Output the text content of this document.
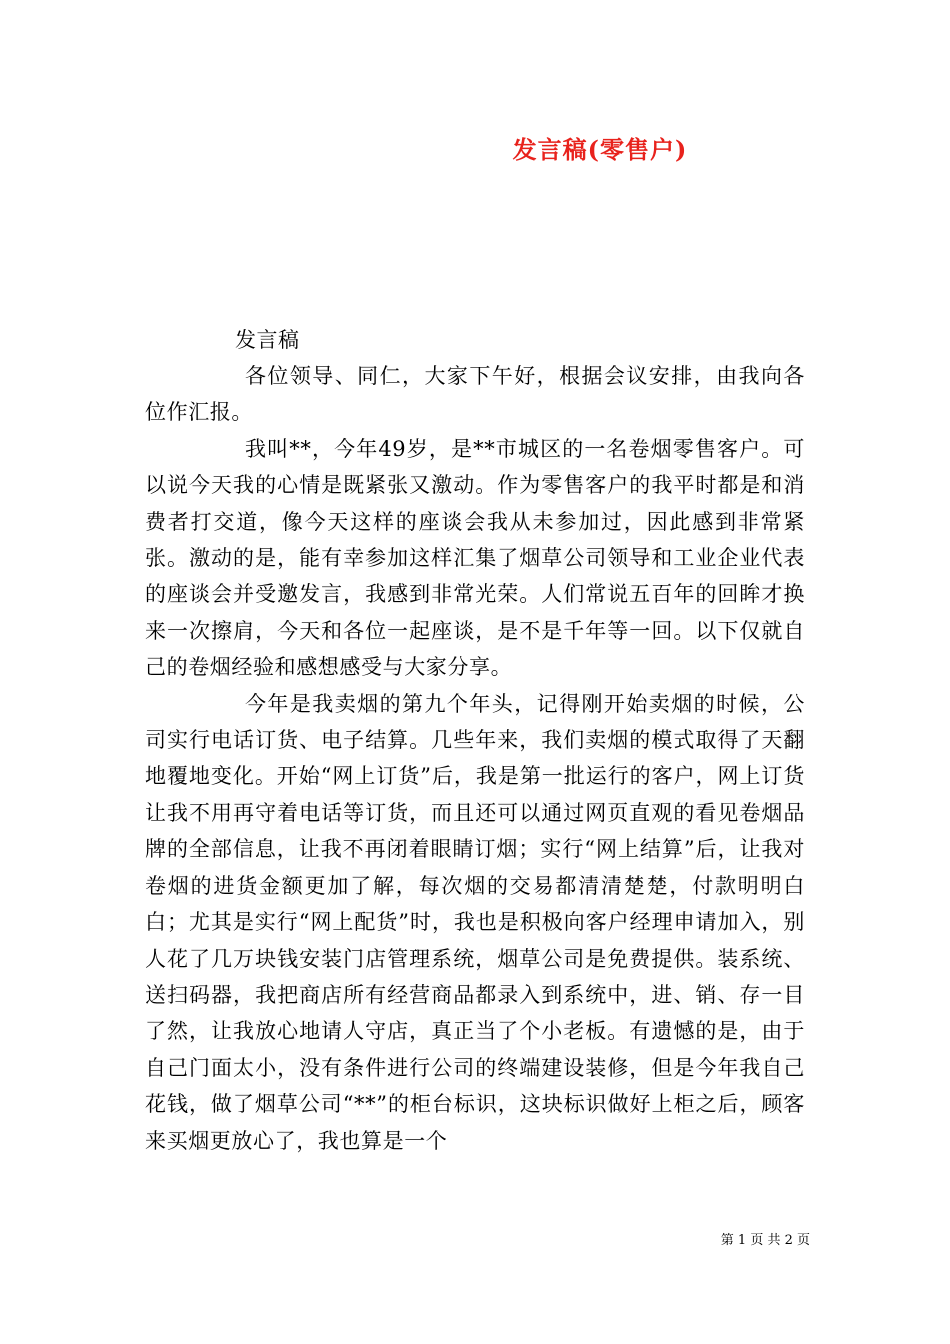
发言稿(零售户)
发言稿

各位领导、同仁，大家下午好，根据会议安排，由我向各位作汇报。

我叫**，今年49岁，是**市城区的一名卷烟零售客户。可以说今天我的心情是既紧张又激动。作为零售客户的我平时都是和消费者打交道，像今天这样的座谈会我从未参加过，因此感到非常紧张。激动的是，能有幸参加这样汇集了烟草公司领导和工业企业代表的座谈会并受邀发言，我感到非常光荣。人们常说五百年的回眸才换来一次擦肩，今天和各位一起座谈，是不是千年等一回。以下仅就自己的卷烟经验和感想感受与大家分享。

今年是我卖烟的第九个年头，记得刚开始卖烟的时候，公司实行电话订货、电子结算。几些年来，我们卖烟的模式取得了天翻地覆地变化。开始“网上订货”后，我是第一批运行的客户，网上订货让我不用再守着电话等订货，而且还可以通过网页直观的看见卷烟品牌的全部信息，让我不再闭着眼睛订烟；实行“网上结算”后，让我对卷烟的进货金额更加了解，每次烟的交易都清清楚楚，付款明明白白；尤其是实行“网上配货”时，我也是积极向客户经理申请加入，别人花了几万块钱安装门店管理系统，烟草公司是免费提供。装系统、送扫码器，我把商店所有经营商品都录入到系统中，进、销、存一目了然，让我放心地请人守店，真正当了个小老板。有遗憾的是，由于自己门面太小，没有条件进行公司的终端建设装修，但是今年我自己花钱，做了烟草公司“**”的柜台标识，这块标识做好上柜之后，顾客来买烟更放心了，我也算是一个

第 1 页 共 2 页
